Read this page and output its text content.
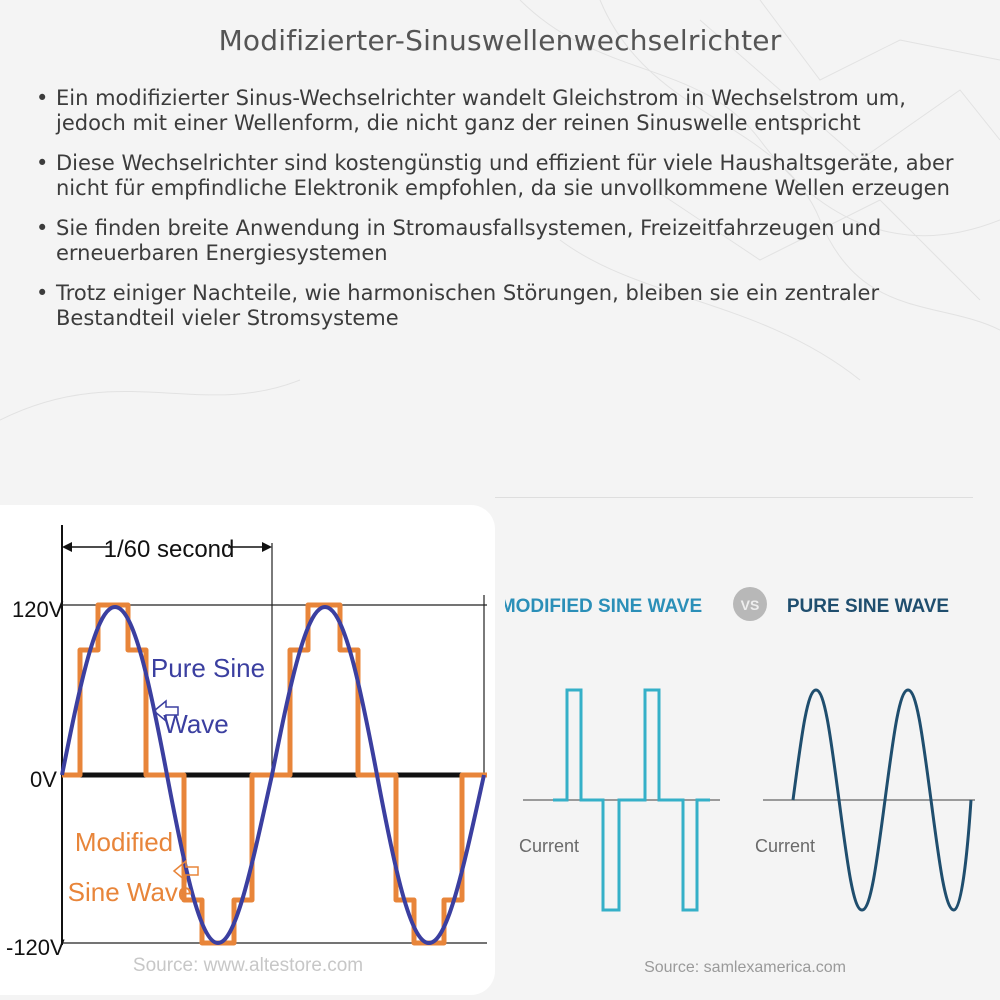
Modifizierter-Sinuswellenwechselrichter
• Ein modifizierter Sinus-Wechselrichter wandelt Gleichstrom in Wechselstrom um, jedoch mit einer Wellenform, die nicht ganz der reinen Sinuswelle entspricht
• Diese Wechselrichter sind kostengünstig und effizient für viele Haushaltsgeräte, aber nicht für empfindliche Elektronik empfohlen, da sie unvollkommene Wellen erzeugen
• Sie finden breite Anwendung in Stromausfallsystemen, Freizeitfahrzeugen und erneuerbaren Energiesystemen
• Trotz einiger Nachteile, wie harmonischen Störungen, bleiben sie ein zentraler Bestandteil vieler Stromsysteme
1/60 second
120V
0V
-120V
Pure Sine
Wave
Modified
Sine Wave
Source: www.altestore.com
MODIFIED SINE WAVE	VS PURE SINE WAVE
Current	Current
Source: samlexamerica.com
